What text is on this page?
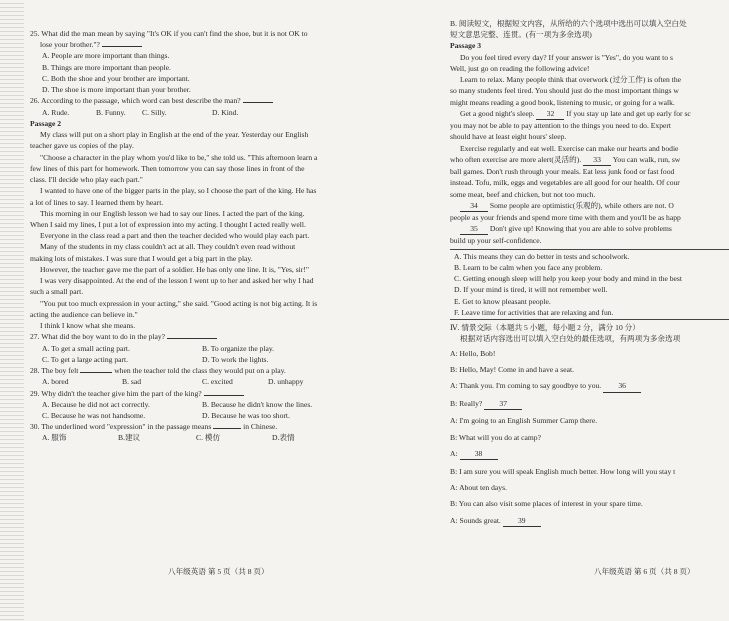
25. What did the man mean by saying "It's OK if you can't find the shoe, but it is not OK to

lose your brother."?

A. People are more important than things.

B. Things are more important than people.

C. Both the shoe and your brother are important.

D. The shoe is more important than your brother.

26. According to the passage, which word can best describe the man?

A. Rude.	B. Funny.	C. Silly.	D. Kind.

Passage 2

My class will put on a short play in English at the end of the year. Yesterday our English

teacher gave us copies of the play.

"Choose a character in the play whom you'd like to be," she told us. "This afternoon learn a

few lines of this part for homework. Then tomorrow you can say those lines in front of the

class. I'll decide who play each part."

I wanted to have one of the bigger parts in the play, so I choose the part of the king. He has

a lot of lines to say. I learned them by heart.

This morning in our English lesson we had to say our lines. I acted the part of the king.

When I said my lines, I put a lot of expression into my acting. I thought I acted really well.

Everyone in the class read a part and then the teacher decided who would play each part.

Many of the students in my class couldn't act at all. They couldn't even read without

making lots of mistakes. I was sure that I would get a big part in the play.

However, the teacher gave me the part of a soldier. He has only one line. It is, "Yes, sir!"

I was very disappointed. At the end of the lesson I went up to her and asked her why I had

such a small part.

"You put too much expression in your acting," she said. "Good acting is not big acting. It is

acting the audience can believe in."

I think I know what she means.

27. What did the boy want to do in the play?

A. To get a small acting part.	B. To organize the play.
C. To get a large acting part.	D. To work the lights.

28. The boy felt	when the teacher told the class they would put on a play.

A. bored	B. sad	C. excited	D. unhappy

29. Why didn't the teacher give him the part of the king?

A. Because he did not act correctly.	B. Because he didn't know the lines.
C. Because he was not handsome.	D. Because he was too short.

30. The underlined word "expression" in the passage means	in Chinese.

A. 服饰	B.建议	C. 模仿	D.表情
八年级英语 第 5 页（共 8 页）

B. 阅读短文，根据短文内容，从所给的六个选项中选出可以填入空白处

短文意思完整、连贯。(有一项为多余选项)

Passage 3

Do you feel tired every day? If your answer is "Yes", do you want to s

Well, just go on reading the following advice!

Learn to relax. Many people think that overwork (过分工作) is often the

so many students feel tired. You should just do the most important things w

might means reading a good book, listening to music, or going for a walk.

Get a good night's sleep. 32 If you stay up late and get up early for sc

you may not be able to pay attention to the things you need to do. Expert

should have at least eight hours' sleep.

Exercise regularly and eat well. Exercise can make our hearts and bodie

who often exercise are more alert(灵活的). 33 You can walk, run, sw

ball games. Don't rush through your meals. Eat less junk food or fast food

instead. Tofu, milk, eggs and vegetables are all good for our health. Of cour

some meat, beef and chicken, but not too much.

34 Some people are optimistic(乐观的), while others are not. O

people as your friends and spend more time with them and you'll be as happ

35 Don't give up! Knowing that you are able to solve problems

build up your self-confidence.

A. This means they can do better in tests and schoolwork.

B. Learn to be calm when you face any problem.

C. Getting enough sleep will help you keep your body and mind in the best

D. If your mind is tired, it will not remember well.

E. Get to know pleasant people.

F. Leave time for activities that are relaxing and fun.

Ⅳ. 情景交际（本题共 5 小题，每小题 2 分，满分 10 分）

根据对话内容选出可以填入空白处的最佳选项，有两项为多余选项

A: Hello, Bob!

B: Hello, May! Come in and have a seat.

A: Thank you. I'm coming to say goodbye to you. 36

B: Really? 37

A: I'm going to an English Summer Camp there.

B: What will you do at camp?

A: 38

B: I am sure you will speak English much better. How long will you stay t

A: About ten days.

B: You can also visit some places of interest in your spare time.

A: Sounds great. 39

八年级英语 第 6 页（共 8 页）
